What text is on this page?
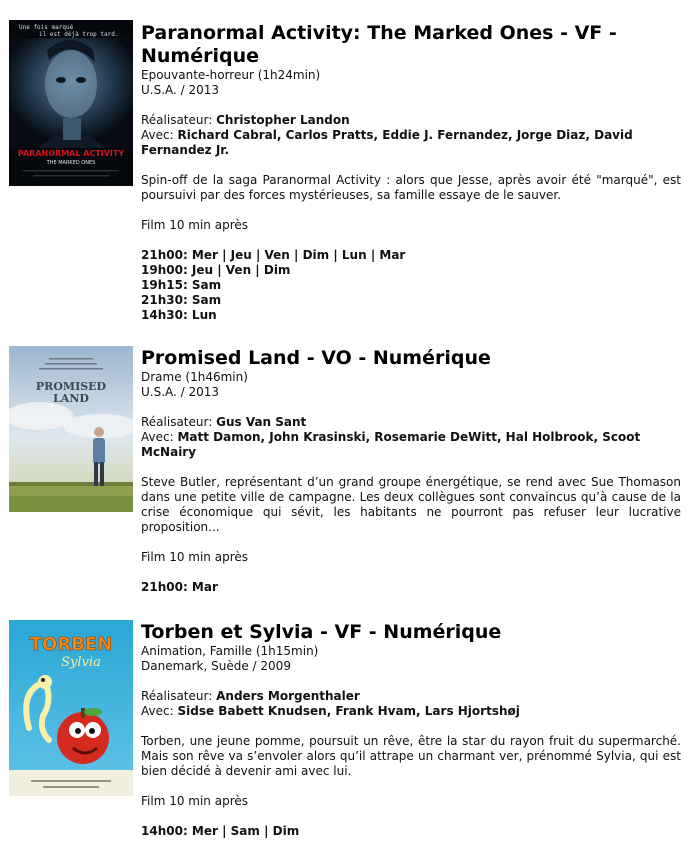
Une fois marqué
il est déjà trop tard.
PARANORMAL ACTIVITY
THE MARKED ONES
Paranormal Activity: The Marked Ones - VF - Numérique

Epouvante-horreur (1h24min)

U.S.A. / 2013

Réalisateur: Christopher Landon

Avec: Richard Cabral, Carlos Pratts, Eddie J. Fernandez, Jorge Diaz, David Fernandez Jr.

Spin-off de la saga Paranormal Activity : alors que Jesse, après avoir été "marqué", est poursuivi par des forces mystérieuses, sa famille essaye de le sauver.

Film 10 min après

21h00: Mer | Jeu | Ven | Dim | Lun | Mar

19h00: Jeu | Ven | Dim

19h15: Sam

21h30: Sam

14h30: Lun

PROMISED
LAND
Promised Land - VO - Numérique

Drame (1h46min)

U.S.A. / 2013

Réalisateur: Gus Van Sant

Avec: Matt Damon, John Krasinski, Rosemarie DeWitt, Hal Holbrook, Scoot McNairy

Steve Butler, représentant d’un grand groupe énergétique, se rend avec Sue Thomason dans une petite ville de campagne. Les deux collègues sont convaincus qu’à cause de la crise économique qui sévit, les habitants ne pourront pas refuser leur lucrative proposition...

Film 10 min après

21h00: Mar

TORBEN
Sylvia
Torben et Sylvia - VF - Numérique

Animation, Famille (1h15min)

Danemark, Suède / 2009

Réalisateur: Anders Morgenthaler

Avec: Sidse Babett Knudsen, Frank Hvam, Lars Hjortshøj

Torben, une jeune pomme, poursuit un rêve, être la star du rayon fruit du supermarché. Mais son rêve va s’envoler alors qu’il attrape un charmant ver, prénommé Sylvia, qui est bien décidé à devenir ami avec lui.

Film 10 min après

14h00: Mer | Sam | Dim
